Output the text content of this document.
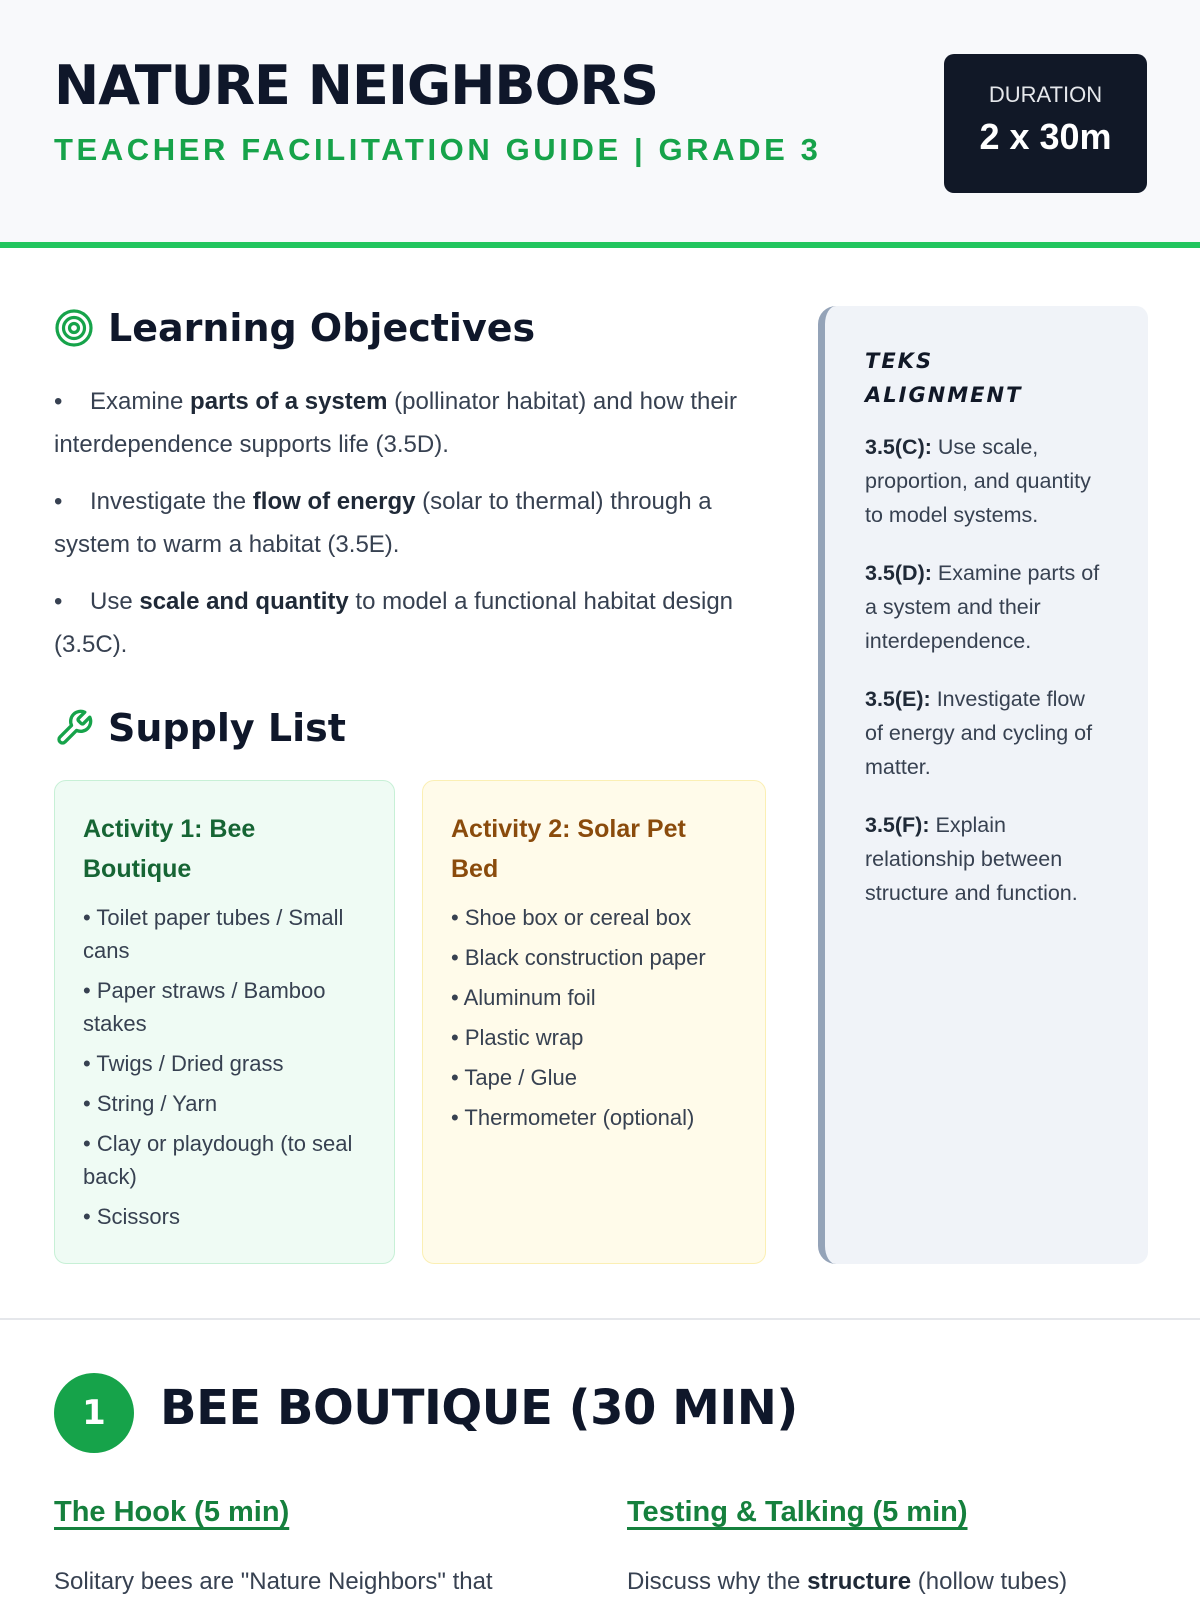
NATURE NEIGHBORS
TEACHER FACILITATION GUIDE | GRADE 3
DURATION
2 x 30m
Learning Objectives
• Examine parts of a system (pollinator habitat) and how their interdependence supports life (3.5D).
• Investigate the flow of energy (solar to thermal) through a system to warm a habitat (3.5E).
• Use scale and quantity to model a functional habitat design (3.5C).
Supply List
Activity 1: Bee Boutique
• Toilet paper tubes / Small cans
• Paper straws / Bamboo stakes
• Twigs / Dried grass
• String / Yarn
• Clay or playdough (to seal back)
• Scissors
Activity 2: Solar Pet Bed
• Shoe box or cereal box
• Black construction paper
• Aluminum foil
• Plastic wrap
• Tape / Glue
• Thermometer (optional)
TEKS ALIGNMENT
3.5(C): Use scale, proportion, and quantity to model systems.
3.5(D): Examine parts of a system and their interdependence.
3.5(E): Investigate flow of energy and cycling of matter.
3.5(F): Explain relationship between structure and function.
1	BEE BOUTIQUE (30 MIN)
The Hook (5 min)	Testing & Talking (5 min)
Solitary bees are "Nature Neighbors" that	Discuss why the structure (hollow tubes)
